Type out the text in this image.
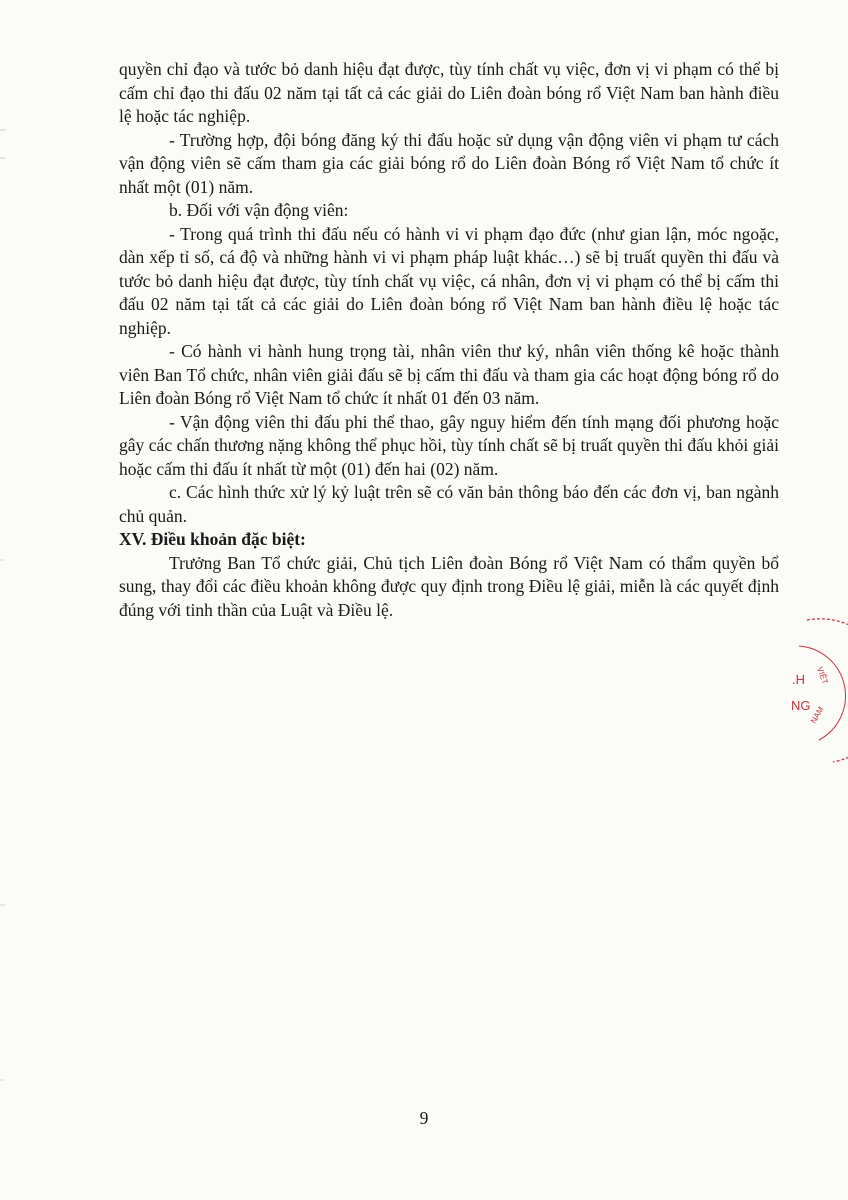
quyền chỉ đạo và tước bỏ danh hiệu đạt được, tùy tính chất vụ việc, đơn vị vi phạm có thể bị cấm chỉ đạo thi đấu 02 năm tại tất cả các giải do Liên đoàn bóng rổ Việt Nam ban hành điều lệ hoặc tác nghiệp.

- Trường hợp, đội bóng đăng ký thi đấu hoặc sử dụng vận động viên vi phạm tư cách vận động viên sẽ cấm tham gia các giải bóng rổ do Liên đoàn Bóng rổ Việt Nam tổ chức ít nhất một (01) năm.

b. Đối với vận động viên:

- Trong quá trình thi đấu nếu có hành vi vi phạm đạo đức (như gian lận, móc ngoặc, dàn xếp tỉ số, cá độ và những hành vi vi phạm pháp luật khác…) sẽ bị truất quyền thi đấu và tước bỏ danh hiệu đạt được, tùy tính chất vụ việc, cá nhân, đơn vị vi phạm có thể bị cấm thi đấu 02 năm tại tất cả các giải do Liên đoàn bóng rổ Việt Nam ban hành điều lệ hoặc tác nghiệp.

- Có hành vi hành hung trọng tài, nhân viên thư ký, nhân viên thống kê hoặc thành viên Ban Tổ chức, nhân viên giải đấu sẽ bị cấm thi đấu và tham gia các hoạt động bóng rổ do Liên đoàn Bóng rổ Việt Nam tổ chức ít nhất 01 đến 03 năm.

- Vận động viên thi đấu phi thể thao, gây nguy hiểm đến tính mạng đối phương hoặc gây các chấn thương nặng không thể phục hồi, tùy tính chất sẽ bị truất quyền thi đấu khỏi giải hoặc cấm thi đấu ít nhất từ một (01) đến hai (02) năm.

c. Các hình thức xử lý kỷ luật trên sẽ có văn bản thông báo đến các đơn vị, ban ngành chủ quản.

XV. Điều khoản đặc biệt:

Trưởng Ban Tổ chức giải, Chủ tịch Liên đoàn Bóng rổ Việt Nam có thẩm quyền bổ sung, thay đổi các điều khoản không được quy định trong Điều lệ giải, miễn là các quyết định đúng với tinh thần của Luật và Điều lệ.

9
.H
NG
VIỆT
NAM
